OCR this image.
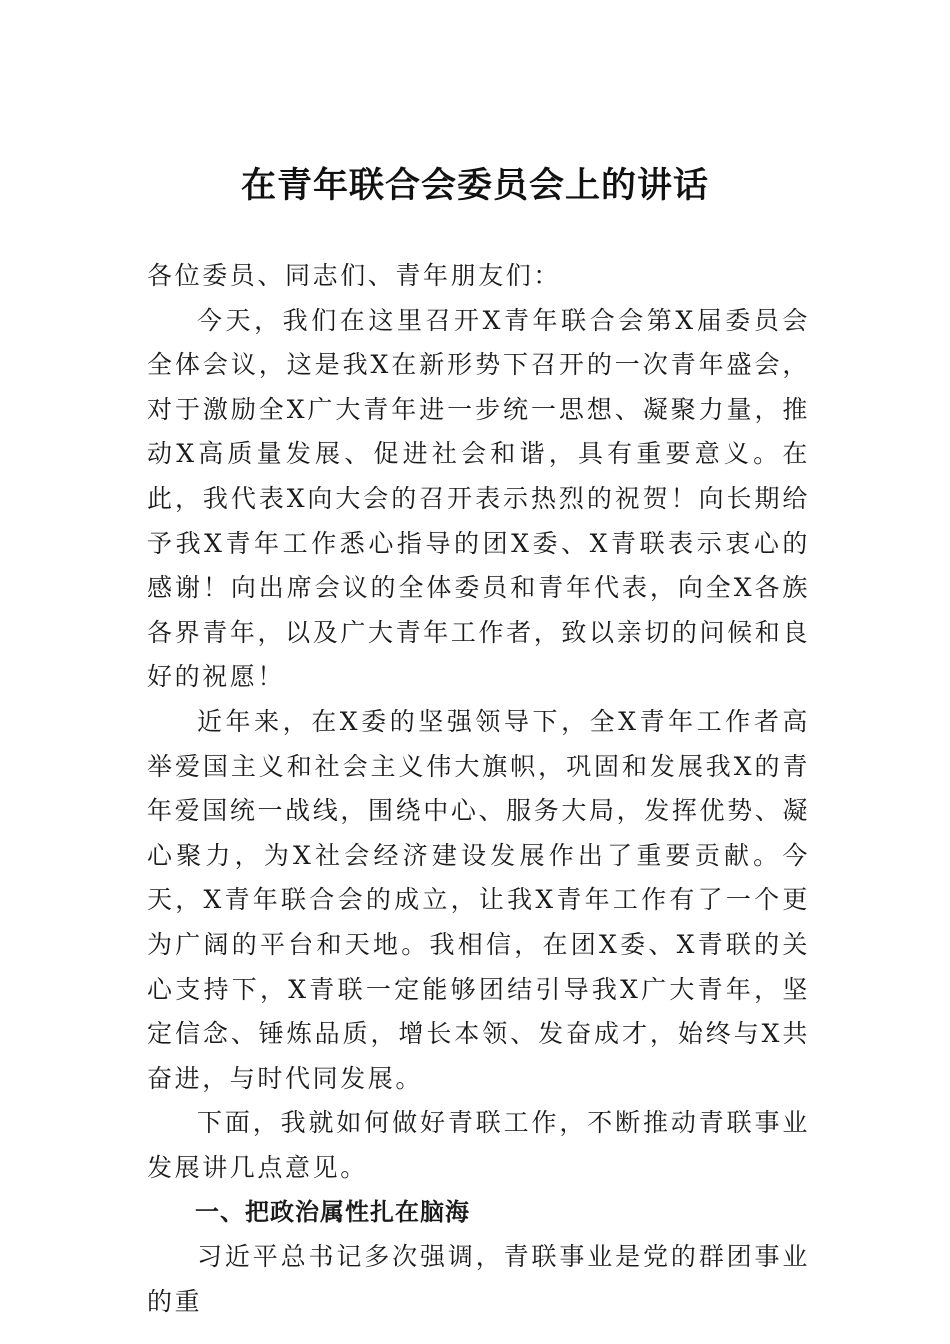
在青年联合会委员会上的讲话

各位委员、同志们、青年朋友们：

今天，我们在这里召开X青年联合会第X届委员会全体会议，这是我X在新形势下召开的一次青年盛会，对于激励全X广大青年进一步统一思想、凝聚力量，推动X高质量发展、促进社会和谐，具有重要意义。在此，我代表X向大会的召开表示热烈的祝贺！向长期给予我X青年工作悉心指导的团X委、X青联表示衷心的感谢！向出席会议的全体委员和青年代表，向全X各族各界青年，以及广大青年工作者，致以亲切的问候和良好的祝愿！

近年来，在X委的坚强领导下，全X青年工作者高举爱国主义和社会主义伟大旗帜，巩固和发展我X的青年爱国统一战线，围绕中心、服务大局，发挥优势、凝心聚力，为X社会经济建设发展作出了重要贡献。今天，X青年联合会的成立，让我X青年工作有了一个更为广阔的平台和天地。我相信，在团X委、X青联的关心支持下，X青联一定能够团结引导我X广大青年，坚定信念、锤炼品质，增长本领、发奋成才，始终与X共奋进，与时代同发展。

下面，我就如何做好青联工作，不断推动青联事业发展讲几点意见。

一、把政治属性扎在脑海

习近平总书记多次强调，青联事业是党的群团事业的重
